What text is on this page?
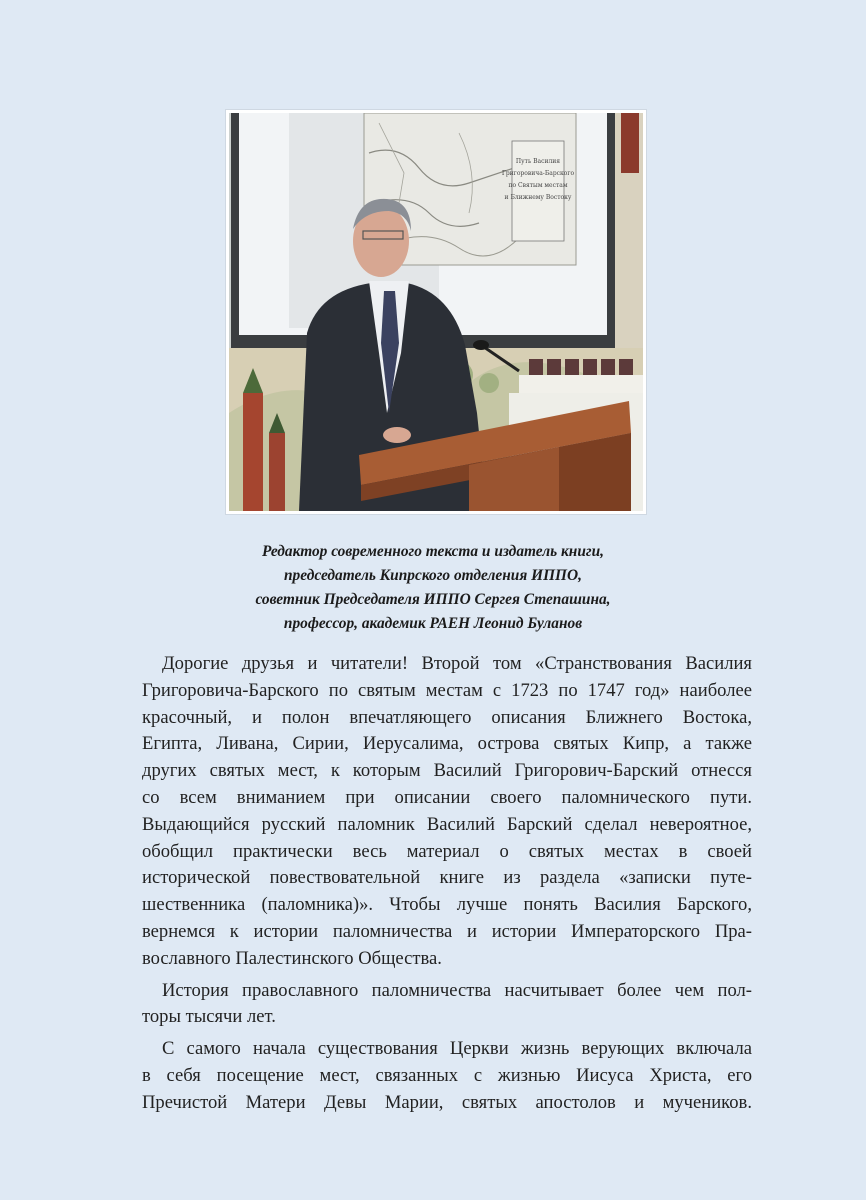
Путь Василия
Григоровича-Барского
по Святым местам
и Ближнему Востоку
Редактор современного текста и издатель книги,
председатель Кипрского отделения ИППО,
советник Председателя ИППО Сергея Степашина,
профессор, академик РАЕН Леонид Буланов
Дорогие друзья и читатели! Второй том «Странствования Василия
Григоровича-Барского по святым местам с 1723 по 1747 год» наиболее
красочный, и полон впечатляющего описания Ближнего Востока,
Египта, Ливана, Сирии, Иерусалима, острова святых Кипр, а также
других святых мест, к которым Василий Григорович-Барский отнесся
со всем вниманием при описании своего паломнического пути.
Выдающийся русский паломник Василий Барский сделал невероятное,
обобщил практически весь материал о святых местах в своей
исторической повествовательной книге из раздела «записки путе-
шественника (паломника)». Чтобы лучше понять Василия Барского,
вернемся к истории паломничества и истории Императорского Пра-
вославного Палестинского Общества.
История православного паломничества насчитывает более чем пол-
торы тысячи лет.
С самого начала существования Церкви жизнь верующих включала
в себя посещение мест, связанных с жизнью Иисуса Христа, его
Пречистой Матери Девы Марии, святых апостолов и мучеников.
